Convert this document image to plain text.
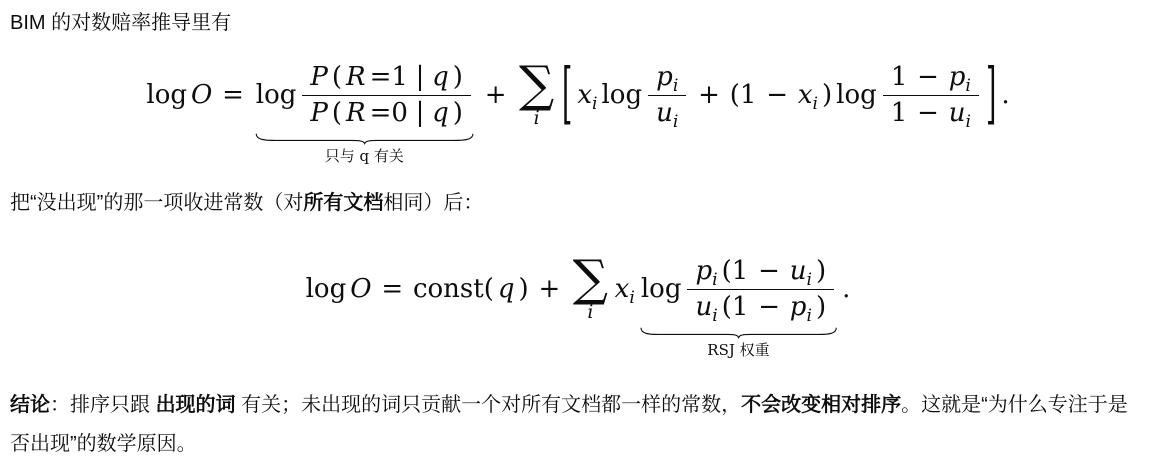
BIM 的对数赔率推导里有

$\log O = \log \frac{P ( R =1 | q )}{P ( R =0 | q )}$
只与 q 有关
+ ∑
i [ $x_i$ $\log \frac{p_i}{u_i} + (1 - x_i$ ) $\log \frac{1 - p_i}{1 - u_i}$ ] .

把“没出现”的那一项收进常数（对所有文档相同）后：

log O = const( q ) + ∑
i
$x_i$ $\log \frac{p_i (1 - u_i )}{u_i (1 - p_i )}$
RSJ 权重
.

结论：排序只跟 出现的词 有关；未出现的词只贡献一个对所有文档都一样的常数，不会改变相对排序。这就是“为什么专注于是否出现”的数学原因。
